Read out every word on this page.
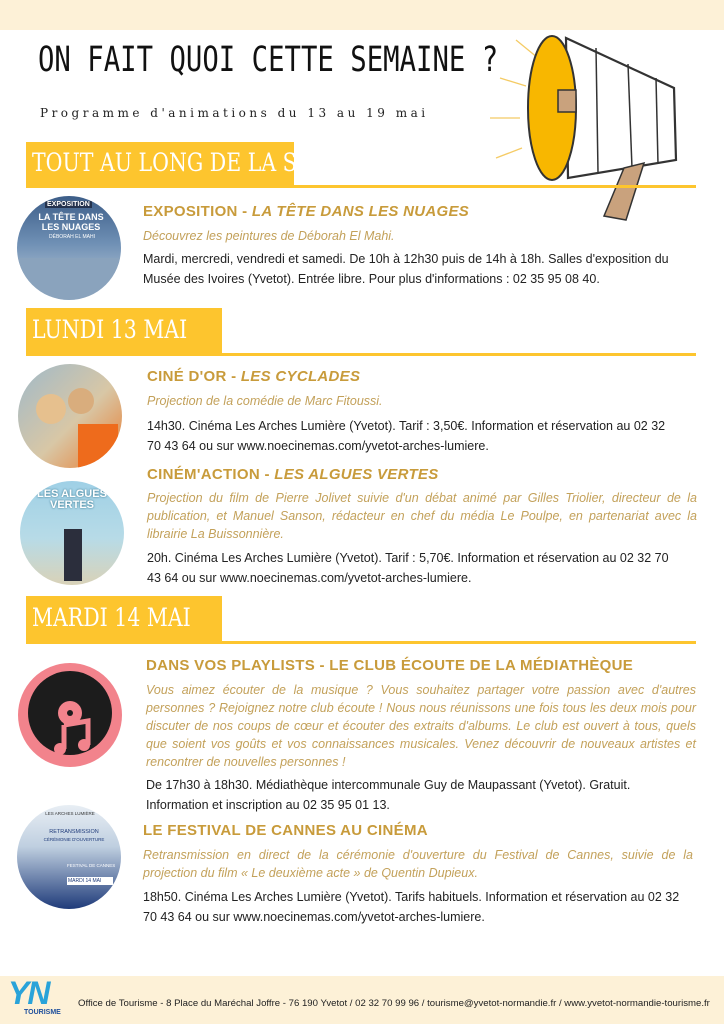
ON FAIT QUOI CETTE SEMAINE ?
Programme d'animations du 13 au 19 mai
TOUT AU LONG DE LA SEMAINE
EXPOSITION
LA TÊTE DANS LES NUAGES
DÉBORAH EL MAHI
EXPOSITION - LA TÊTE DANS LES NUAGES
Découvrez les peintures de Déborah El Mahi.
Mardi, mercredi, vendredi et samedi. De 10h à 12h30 puis de 14h à 18h. Salles d'exposition du Musée des Ivoires (Yvetot). Entrée libre. Pour plus d'informations : 02 35 95 08 40.
LUNDI 13 MAI
CINÉ D'OR - LES CYCLADES
Projection de la comédie de Marc Fitoussi.
14h30. Cinéma Les Arches Lumière (Yvetot). Tarif : 3,50€. Information et réservation au 02 32 70 43 64 ou sur www.noecinemas.com/yvetot-arches-lumiere.
LES ALGUES VERTES
CINÉM'ACTION - LES ALGUES VERTES
Projection du film de Pierre Jolivet suivie d'un débat animé par Gilles Triolier, directeur de la publication, et Manuel Sanson, rédacteur en chef du média Le Poulpe, en partenariat avec la librairie La Buissonnière.
20h. Cinéma Les Arches Lumière (Yvetot). Tarif : 5,70€. Information et réservation au 02 32 70 43 64 ou sur www.noecinemas.com/yvetot-arches-lumiere.
MARDI 14 MAI
DANS VOS PLAYLISTS - LE CLUB ÉCOUTE DE LA MÉDIATHÈQUE
Vous aimez écouter de la musique ? Vous souhaitez partager votre passion avec d'autres personnes ? Rejoignez notre club écoute ! Nous nous réunissons une fois tous les deux mois pour discuter de nos coups de cœur et écouter des extraits d'albums. Le club est ouvert à tous, quels que soient vos goûts et vos connaissances musicales. Venez découvrir de nouveaux artistes et rencontrer de nouvelles personnes !
De 17h30 à 18h30. Médiathèque intercommunale Guy de Maupassant (Yvetot). Gratuit. Information et inscription au 02 35 95 01 13.
LES ARCHES LUMIÈRE
RETRANSMISSION
CÉRÉMONIE D'OUVERTURE
FESTIVAL DE CANNES
MARDI 14 MAI
LE FESTIVAL DE CANNES AU CINÉMA
Retransmission en direct de la cérémonie d'ouverture du Festival de Cannes, suivie de la projection du film « Le deuxième acte » de Quentin Dupieux.
18h50. Cinéma Les Arches Lumière (Yvetot). Tarifs habituels. Information et réservation au 02 32 70 43 64 ou sur www.noecinemas.com/yvetot-arches-lumiere.
YN
TOURISME
Office de Tourisme - 8 Place du Maréchal Joffre - 76 190 Yvetot / 02 32 70 99 96 / tourisme@yvetot-normandie.fr / www.yvetot-normandie-tourisme.fr
